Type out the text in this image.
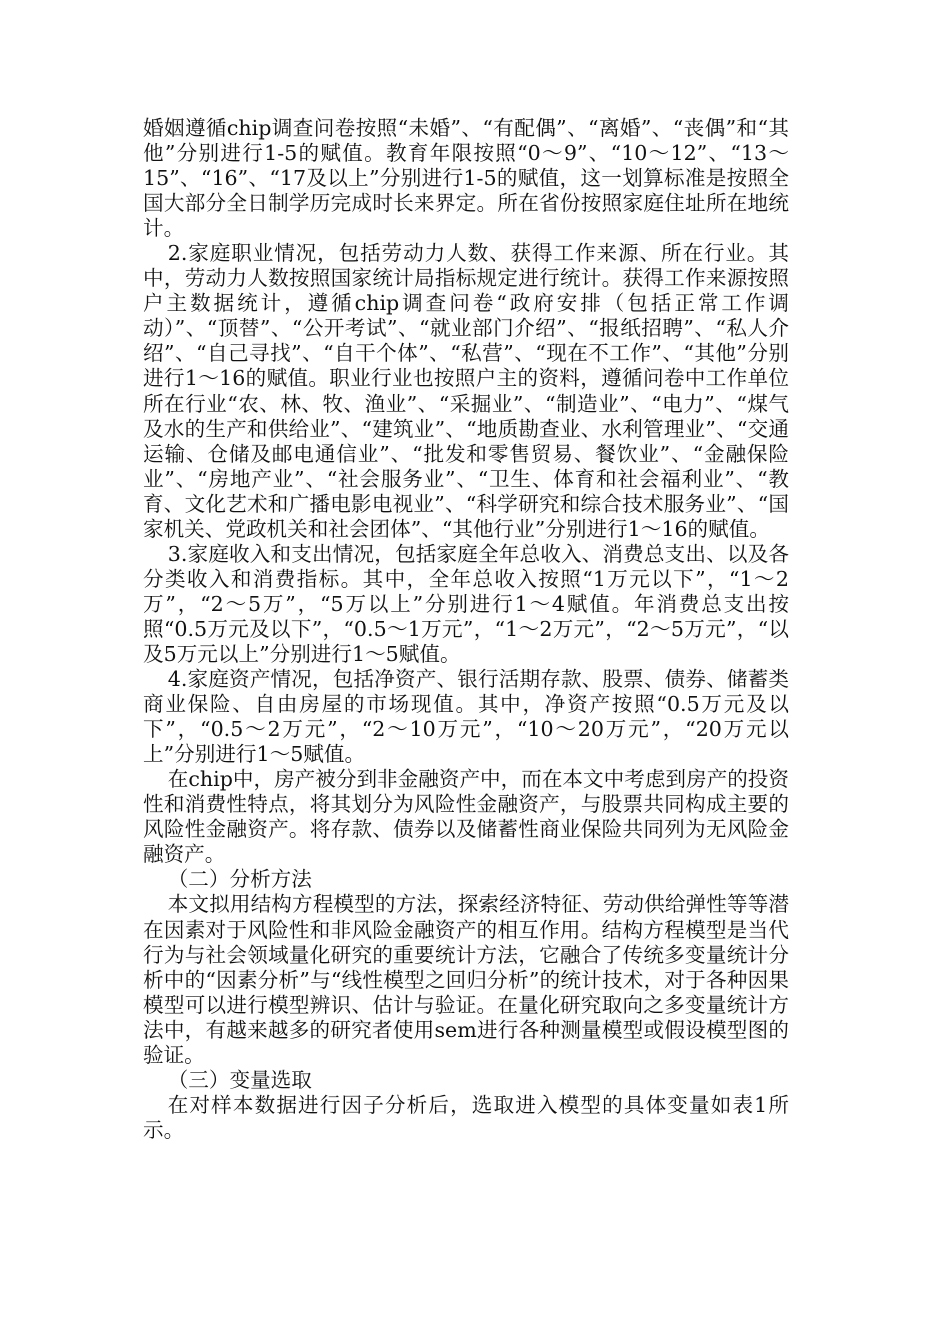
婚姻遵循chip调查问卷按照“未婚”、“有配偶”、“离婚”、“丧偶”和“其他”分别进行1-5的赋值。教育年限按照“0～9”、“10～12”、“13～15”、“16”、“17及以上”分别进行1-5的赋值，这一划算标准是按照全国大部分全日制学历完成时长来界定。所在省份按照家庭住址所在地统计。

2.家庭职业情况，包括劳动力人数、获得工作来源、所在行业。其中，劳动力人数按照国家统计局指标规定进行统计。获得工作来源按照户主数据统计，遵循chip调查问卷“政府安排（包括正常工作调动）”、“顶替”、“公开考试”、“就业部门介绍”、“报纸招聘”、“私人介绍”、“自己寻找”、“自干个体”、“私营”、“现在不工作”、“其他”分别进行1～16的赋值。职业行业也按照户主的资料，遵循问卷中工作单位所在行业“农、林、牧、渔业”、“采掘业”、“制造业”、“电力”、“煤气及水的生产和供给业”、“建筑业”、“地质勘查业、水利管理业”、“交通运输、仓储及邮电通信业”、“批发和零售贸易、餐饮业”、“金融保险业”、“房地产业”、“社会服务业”、“卫生、体育和社会福利业”、“教育、文化艺术和广播电影电视业”、“科学研究和综合技术服务业”、“国家机关、党政机关和社会团体”、“其他行业”分别进行1～16的赋值。

3.家庭收入和支出情况，包括家庭全年总收入、消费总支出、以及各分类收入和消费指标。其中，全年总收入按照“1万元以下”，“1～2万”，“2～5万”，“5万以上”分别进行1～4赋值。年消费总支出按照“0.5万元及以下”，“0.5～1万元”，“1～2万元”，“2～5万元”，“以及5万元以上”分别进行1～5赋值。

4.家庭资产情况，包括净资产、银行活期存款、股票、债券、储蓄类商业保险、自由房屋的市场现值。其中，净资产按照“0.5万元及以下”，“0.5～2万元”，“2～10万元”，“10～20万元”，“20万元以上”分别进行1～5赋值。

在chip中，房产被分到非金融资产中，而在本文中考虑到房产的投资性和消费性特点，将其划分为风险性金融资产，与股票共同构成主要的风险性金融资产。将存款、债券以及储蓄性商业保险共同列为无风险金融资产。

（二）分析方法

本文拟用结构方程模型的方法，探索经济特征、劳动供给弹性等等潜在因素对于风险性和非风险金融资产的相互作用。结构方程模型是当代行为与社会领域量化研究的重要统计方法，它融合了传统多变量统计分析中的“因素分析”与“线性模型之回归分析”的统计技术，对于各种因果模型可以进行模型辨识、估计与验证。在量化研究取向之多变量统计方法中，有越来越多的研究者使用sem进行各种测量模型或假设模型图的验证。

（三）变量选取

在对样本数据进行因子分析后，选取进入模型的具体变量如表1所示。
